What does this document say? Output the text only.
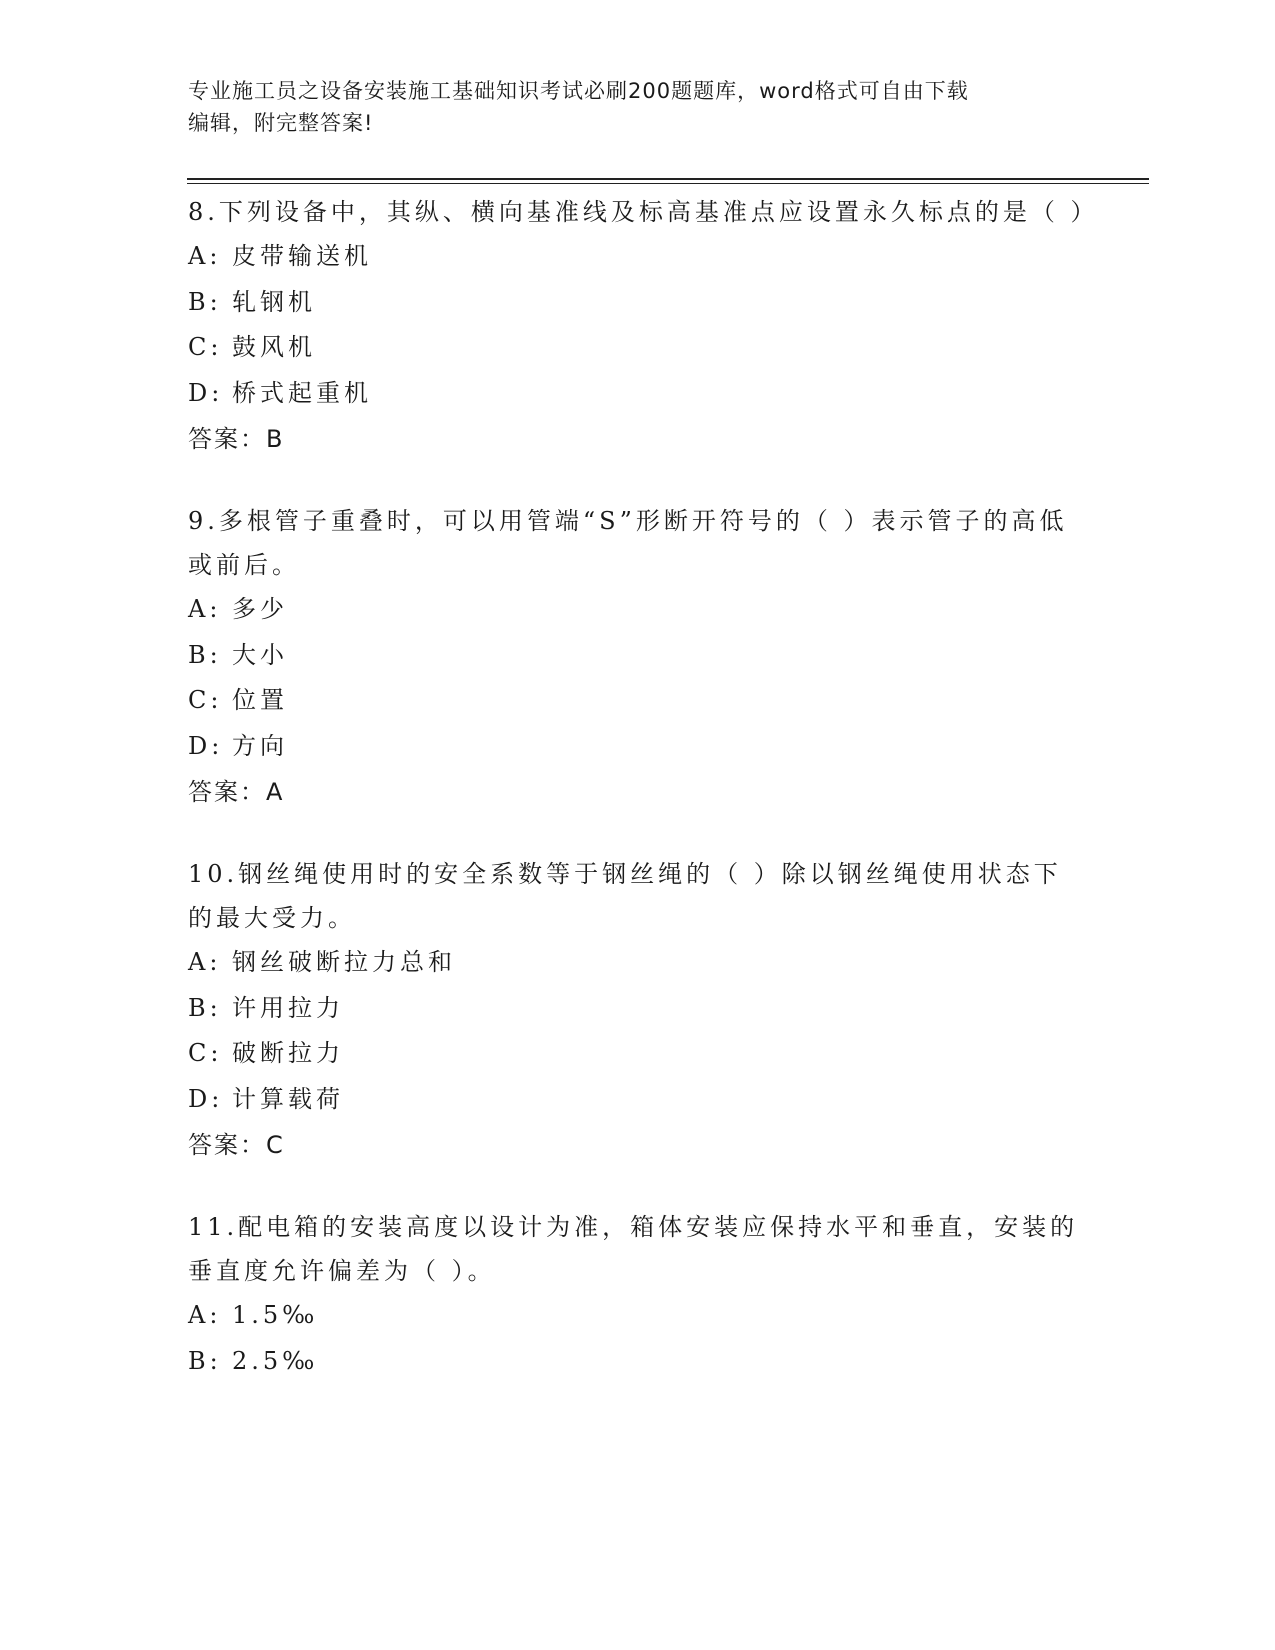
专业施工员之设备安装施工基础知识考试必刷200题题库，word格式可自由下载
编辑，附完整答案!

8.下列设备中，其纵、横向基准线及标高基准点应设置永久标点的是（ ）

A: 皮带输送机

B: 轧钢机

C: 鼓风机

D: 桥式起重机

答案：B

9.多根管子重叠时，可以用管端“S”形断开符号的（ ）表示管子的高低或前后。

A: 多少

B: 大小

C: 位置

D: 方向

答案：A

10.钢丝绳使用时的安全系数等于钢丝绳的（ ）除以钢丝绳使用状态下的最大受力。

A: 钢丝破断拉力总和

B: 许用拉力

C: 破断拉力

D: 计算载荷

答案：C

11.配电箱的安装高度以设计为准，箱体安装应保持水平和垂直，安装的垂直度允许偏差为（ ）。

A: 1.5‰

B: 2.5‰
